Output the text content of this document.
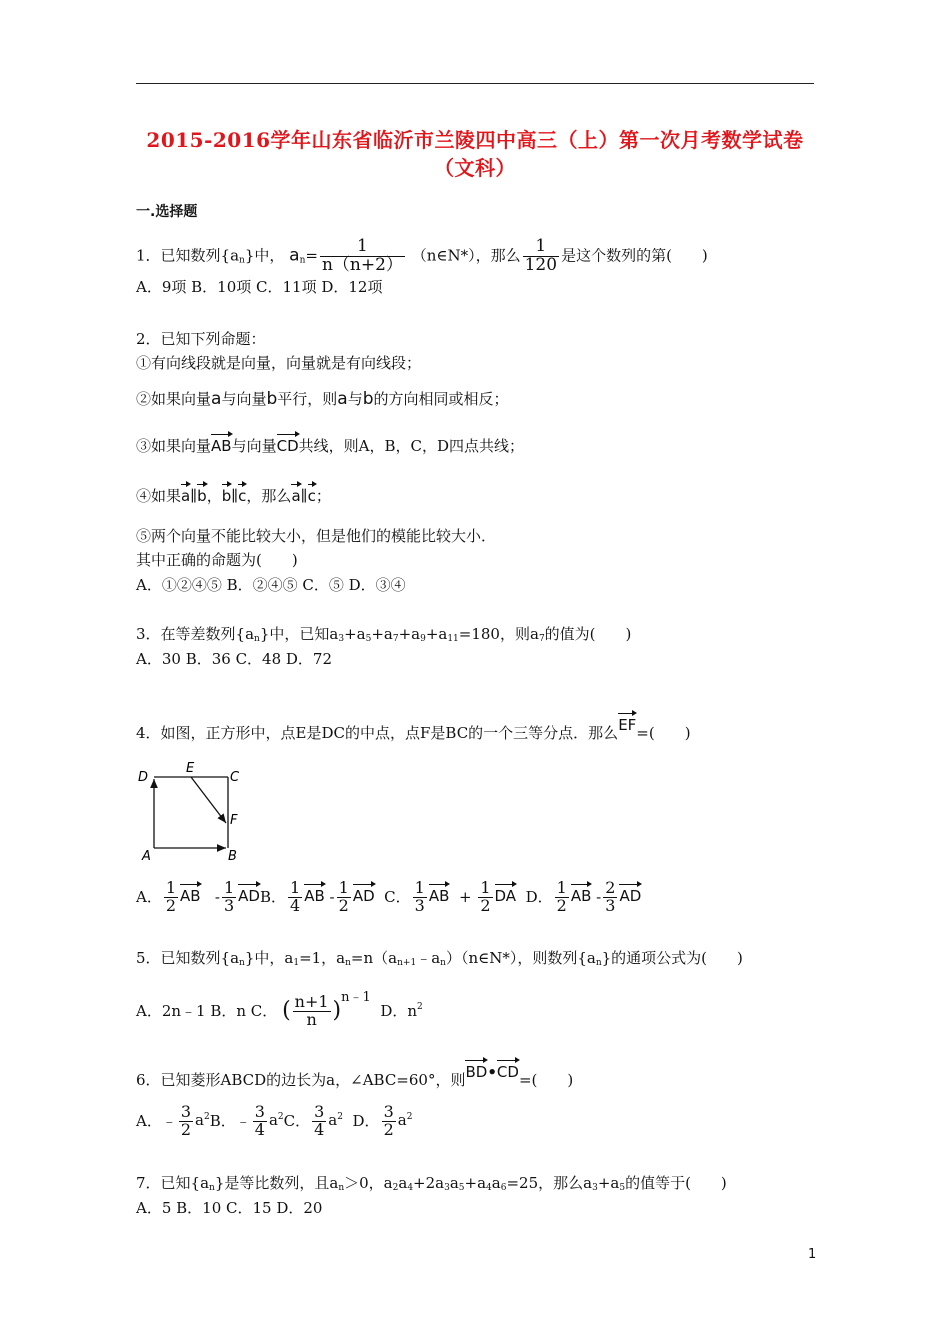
2015-2016学年山东省临沂市兰陵四中高三（上）第一次月考数学试卷
（文科）
一.选择题
1．已知数列$\{a_n\}$中， $a_n= \frac{1}{n(n+2)}$ （n∈N*），那么 $\frac{1}{120}$ 是这个数列的第(　　)
A．9项 B．10项 C．11项 D．12项
2．已知下列命题：
①有向线段就是向量，向量就是有向线段；
②如果向量a与向量b平行，则a与b的方向相同或相反；
③如果向量AB与向量CD共线，则A，B，C，D四点共线；
④如果a∥b，b∥c，那么a∥c；
⑤两个向量不能比较大小，但是他们的模能比较大小．
其中正确的命题为(　　)
A．①②④⑤ B．②④⑤ C．⑤ D．③④
3．在等差数列$\{a_n\}$中，已知$a_3+a_5+a_7+a_9+a_{11}=180$，则$a_7$的值为(　　)
A．30 B．36 C．48 D．72
4．如图，正方形中，点E是DC的中点，点F是BC的一个三等分点．那么EF=(　　)
D
E
C
F
A	B
A． $\frac{1}{2}$ AB - $\frac{1}{3}$ ADB． $\frac{1}{4}$ AB - $\frac{1}{2}$ AD C． $\frac{1}{3}$ AB + $\frac{1}{2}$ DA D． $\frac{1}{2}$ AB - $\frac{2}{3}$ AD
5．已知数列$\{a_n\}$中，$a_1=1$，$a_n=n(a_{n+1}﹣a_n)(n\in N*)$，则数列$\{a_n\}$的通项公式为(　　)
A．2n﹣1 B．n C． ( $\frac{n+1}{n}$ )n﹣1  D．$n^2$
6．已知菱形ABCD的边长为a，∠ABC=60°，则BD•CD=(　　)
A．﹣ $\frac{3}{2} a^2B$．﹣ $\frac{3}{4} a^2C$． $\frac{3}{4} a^2$ D． $\frac{3}{2} a^2$
7．已知$\{a_n\}$是等比数列，且$a_n>0$，$a_2a_4+2a_3a_5+a_4a_6=25$，那么$a_3+a_5$的值等于(　　)
A．5 B．10 C．15 D．20
1
